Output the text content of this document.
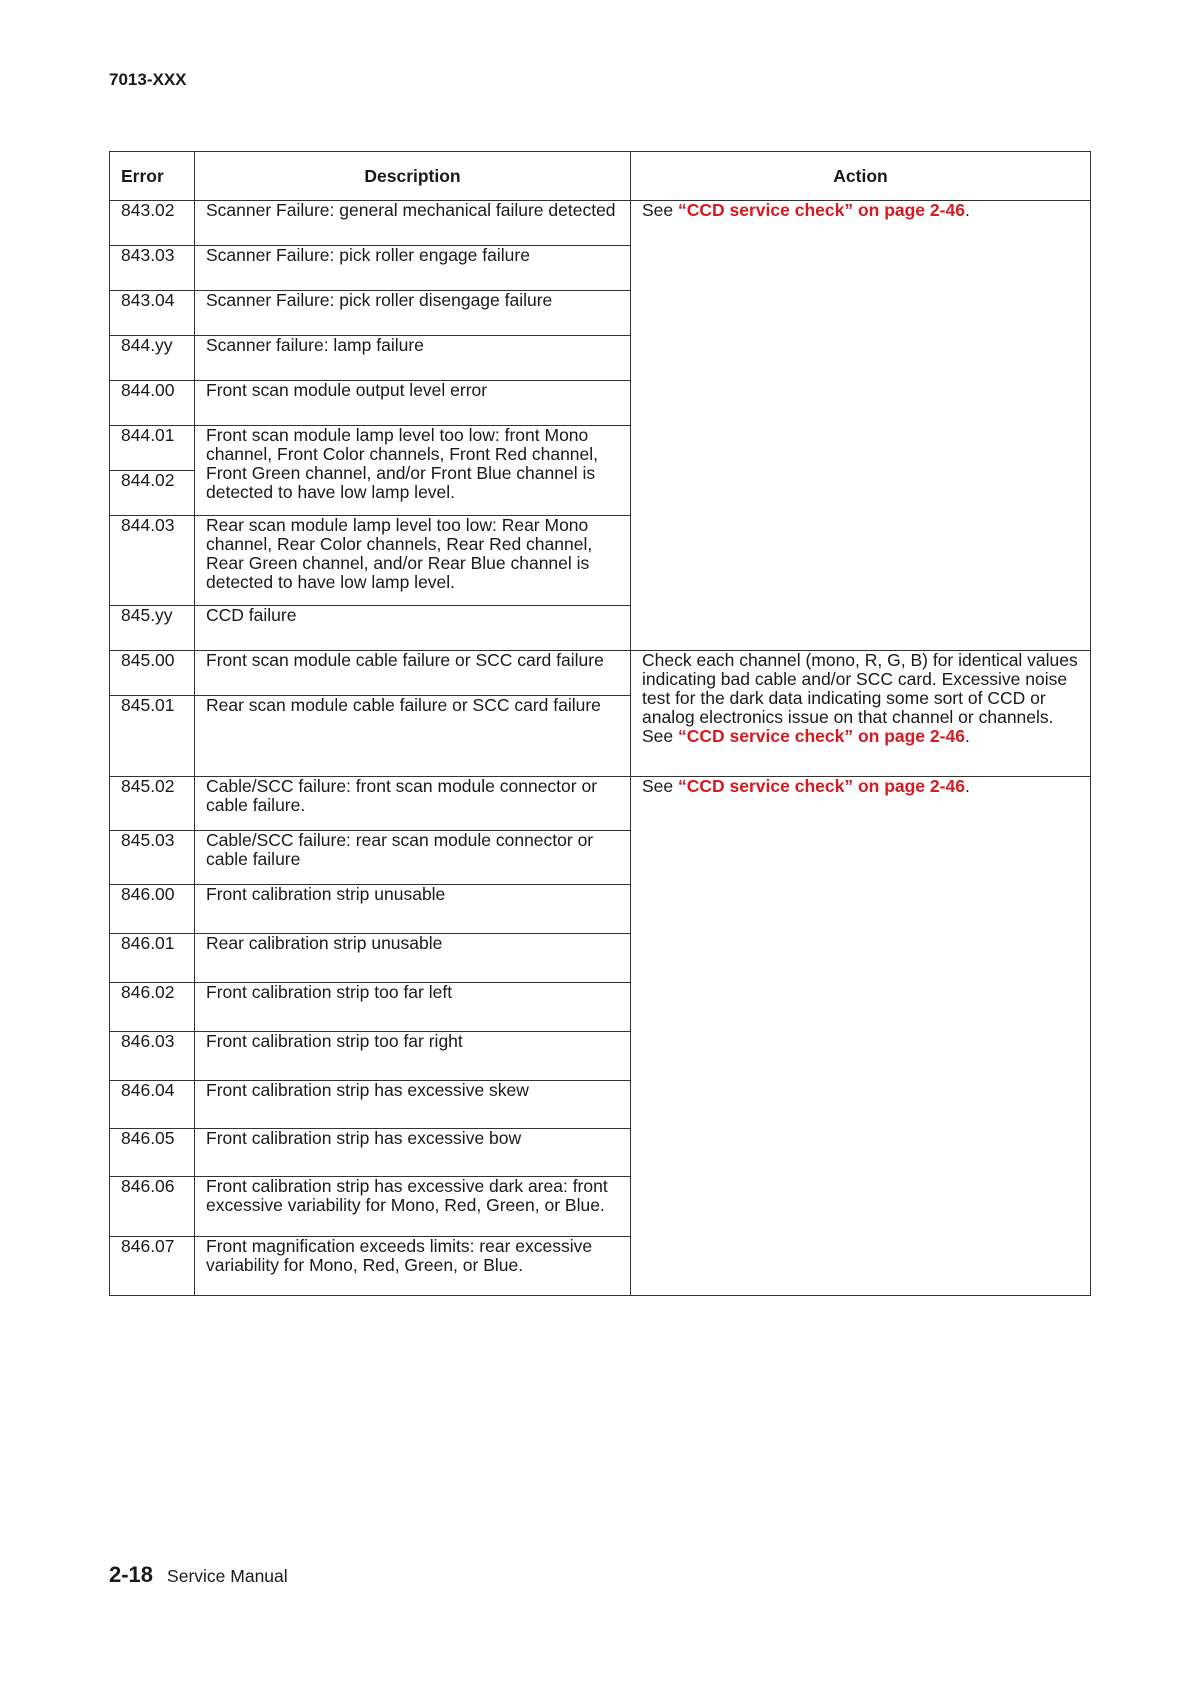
7013-XXX
Error	Description	Action
843.02	Scanner Failure: general mechanical failure detected	See “CCD service check” on page 2-46.
843.03	Scanner Failure: pick roller engage failure	
843.04	Scanner Failure: pick roller disengage failure	
844.yy	Scanner failure: lamp failure	
844.00	Front scan module output level error	
844.01	Front scan module lamp level too low: front Mono channel, Front Color channels, Front Red channel, Front Green channel, and/or Front Blue channel is detected to have low lamp level.	
844.02		
844.03	Rear scan module lamp level too low: Rear Mono channel, Rear Color channels, Rear Red channel, Rear Green channel, and/or Rear Blue channel is detected to have low lamp level.	
845.yy	CCD failure	
845.00	Front scan module cable failure or SCC card failure	Check each channel (mono, R, G, B) for identical values indicating bad cable and/or SCC card. Excessive noise test for the dark data indicating some sort of CCD or analog electronics issue on that channel or channels. See “CCD service check” on page 2-46.
845.01	Rear scan module cable failure or SCC card failure	
845.02	Cable/SCC failure: front scan module connector or cable failure.	See “CCD service check” on page 2-46.
845.03	Cable/SCC failure: rear scan module connector or cable failure	
846.00	Front calibration strip unusable	
846.01	Rear calibration strip unusable	
846.02	Front calibration strip too far left	
846.03	Front calibration strip too far right	
846.04	Front calibration strip has excessive skew	
846.05	Front calibration strip has excessive bow	
846.06	Front calibration strip has excessive dark area: front excessive variability for Mono, Red, Green, or Blue.	
846.07	Front magnification exceeds limits: rear excessive variability for Mono, Red, Green, or Blue.	
2-18 Service Manual
